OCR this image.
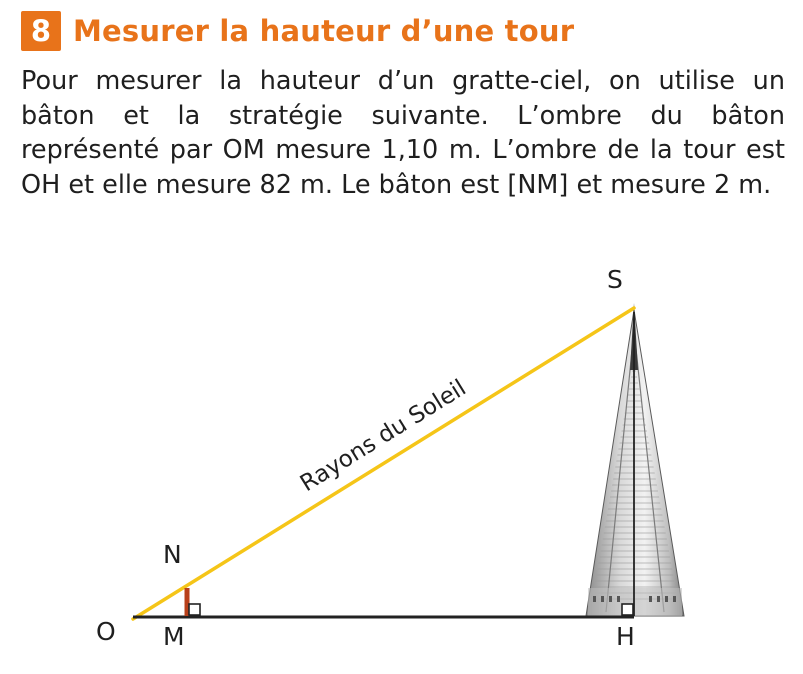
8 Mesurer la hauteur d’une tour

Pour mesurer la hauteur d’un gratte-ciel, on utilise un bâton et la stratégie suivante. L’ombre du bâton représenté par OM mesure 1,10 m. L’ombre de la tour est OH et elle mesure 82 m. Le bâton est [NM] et mesure 2 m.

Rayons du Soleil
O M
N
H
S
